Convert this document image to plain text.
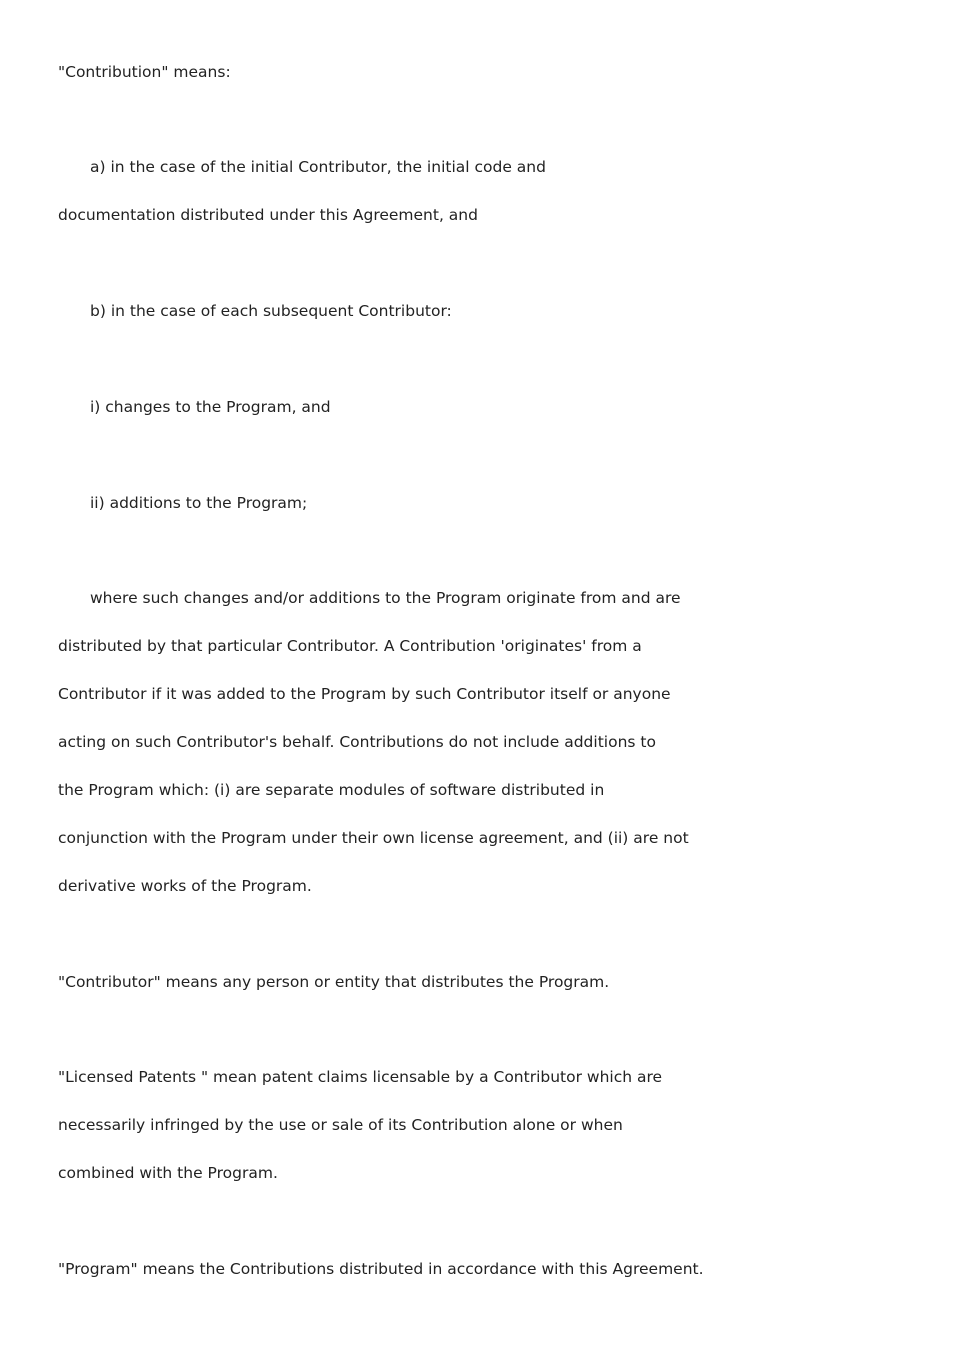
"Contribution" means:

a) in the case of the initial Contributor, the initial code and

documentation distributed under this Agreement, and

b) in the case of each subsequent Contributor:

i) changes to the Program, and

ii) additions to the Program;

where such changes and/or additions to the Program originate from and are

distributed by that particular Contributor. A Contribution 'originates' from a

Contributor if it was added to the Program by such Contributor itself or anyone

acting on such Contributor's behalf. Contributions do not include additions to

the Program which: (i) are separate modules of software distributed in

conjunction with the Program under their own license agreement, and (ii) are not

derivative works of the Program.

"Contributor" means any person or entity that distributes the Program.

"Licensed Patents " mean patent claims licensable by a Contributor which are

necessarily infringed by the use or sale of its Contribution alone or when

combined with the Program.

"Program" means the Contributions distributed in accordance with this Agreement.
